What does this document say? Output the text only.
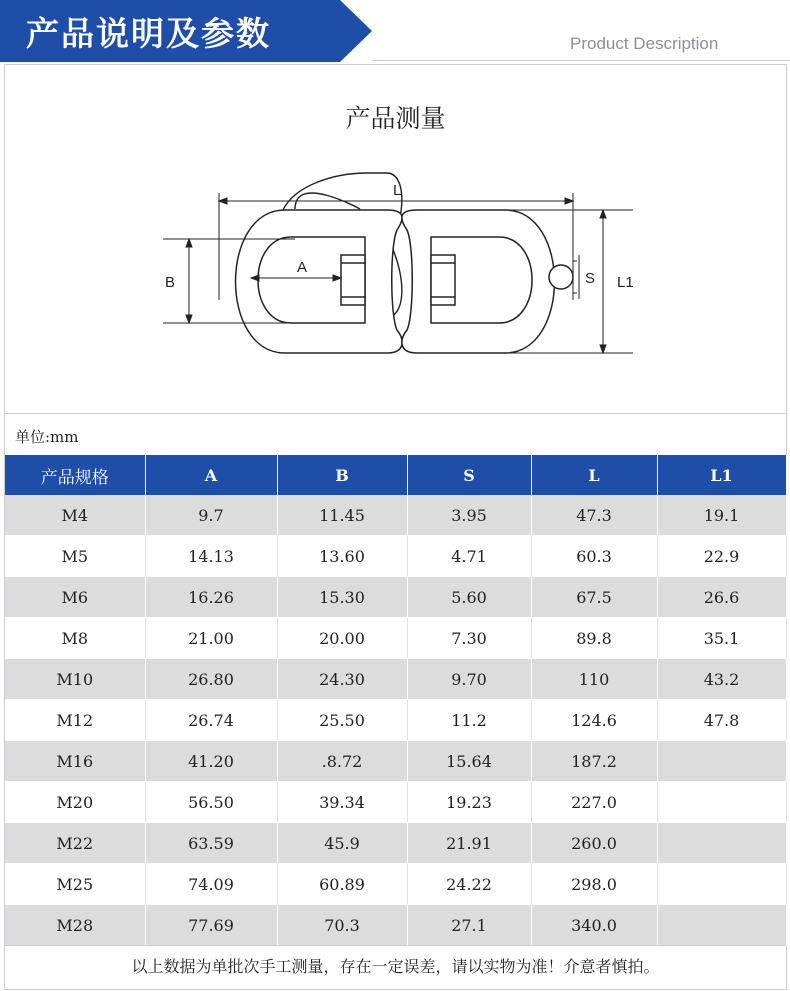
产品说明及参数	Product Description
产品测量
L
B
A
S L1
单位:mm
产品规格	A	B	S	L	L1
M4	9.7	11.45	3.95	47.3	19.1
M5	14.13	13.60	4.71	60.3	22.9
M6	16.26	15.30	5.60	67.5	26.6
M8	21.00	20.00	7.30	89.8	35.1
M10	26.80	24.30	9.70	110	43.2
M12	26.74	25.50	11.2	124.6	47.8
M16	41.20	.8.72	15.64	187.2	
M20	56.50	39.34	19.23	227.0	
M22	63.59	45.9	21.91	260.0	
M25	74.09	60.89	24.22	298.0	
M28	77.69	70.3	27.1	340.0	
以上数据为单批次手工测量，存在一定误差，请以实物为准！介意者慎拍。
